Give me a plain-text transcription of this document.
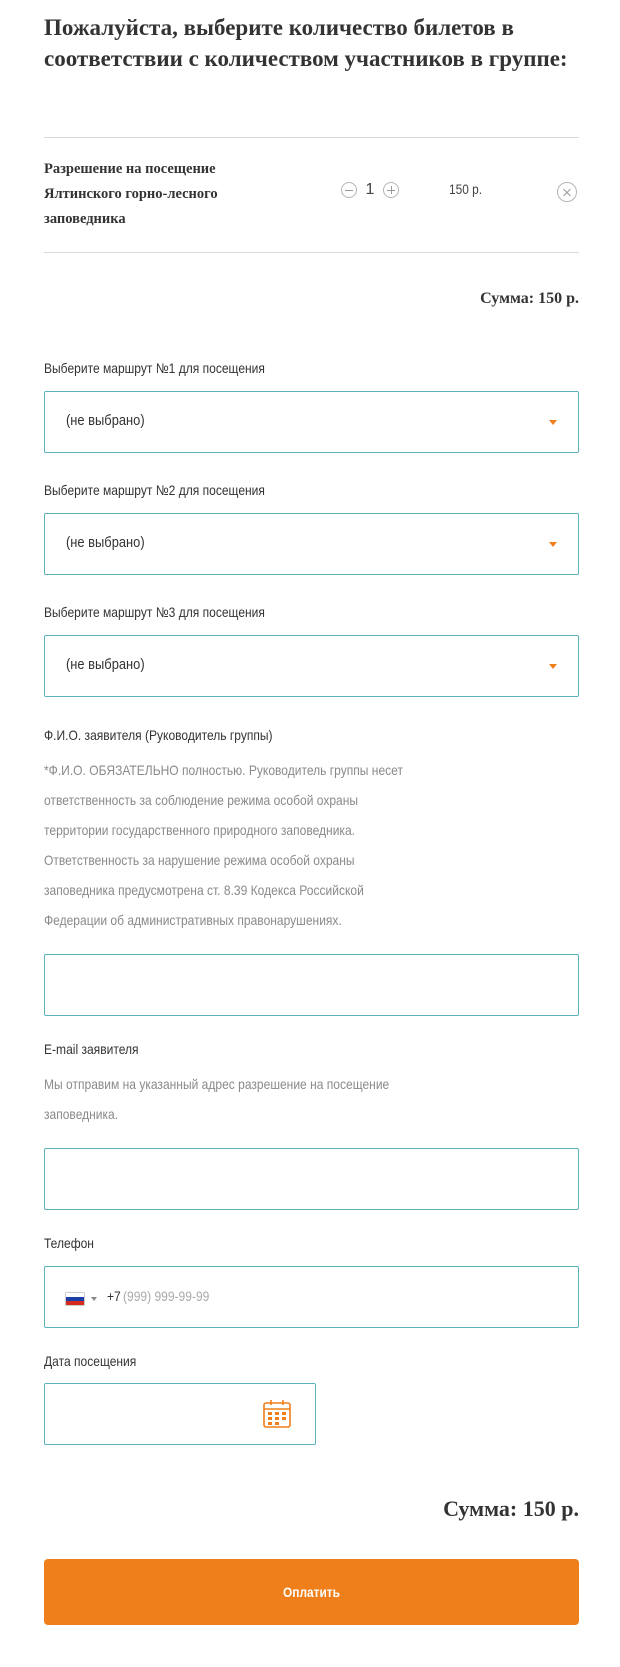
Пожалуйста, выберите количество билетов в соответствии с количеством участников в группе:
Разрешение на посещение Ялтинского горно-лесного заповедника
1	150 р.
Сумма: 150 р.
Выберите маршрут №1 для посещения
(не выбрано)
Выберите маршрут №2 для посещения
(не выбрано)
Выберите маршрут №3 для посещения
(не выбрано)
Ф.И.О. заявителя (Руководитель группы)
*Ф.И.О. ОБЯЗАТЕЛЬНО полностью. Руководитель группы несет
ответственность за соблюдение режима особой охраны
территории государственного природного заповедника.
Ответственность за нарушение режима особой охраны
заповедника предусмотрена ст. 8.39 Кодекса Российской
Федерации об административных правонарушениях.
E-mail заявителя
Мы отправим на указанный адрес разрешение на посещение
заповедника.
Телефон
+7 (999) 999-99-99
Дата посещения
Сумма: 150 р.
Оплатить
